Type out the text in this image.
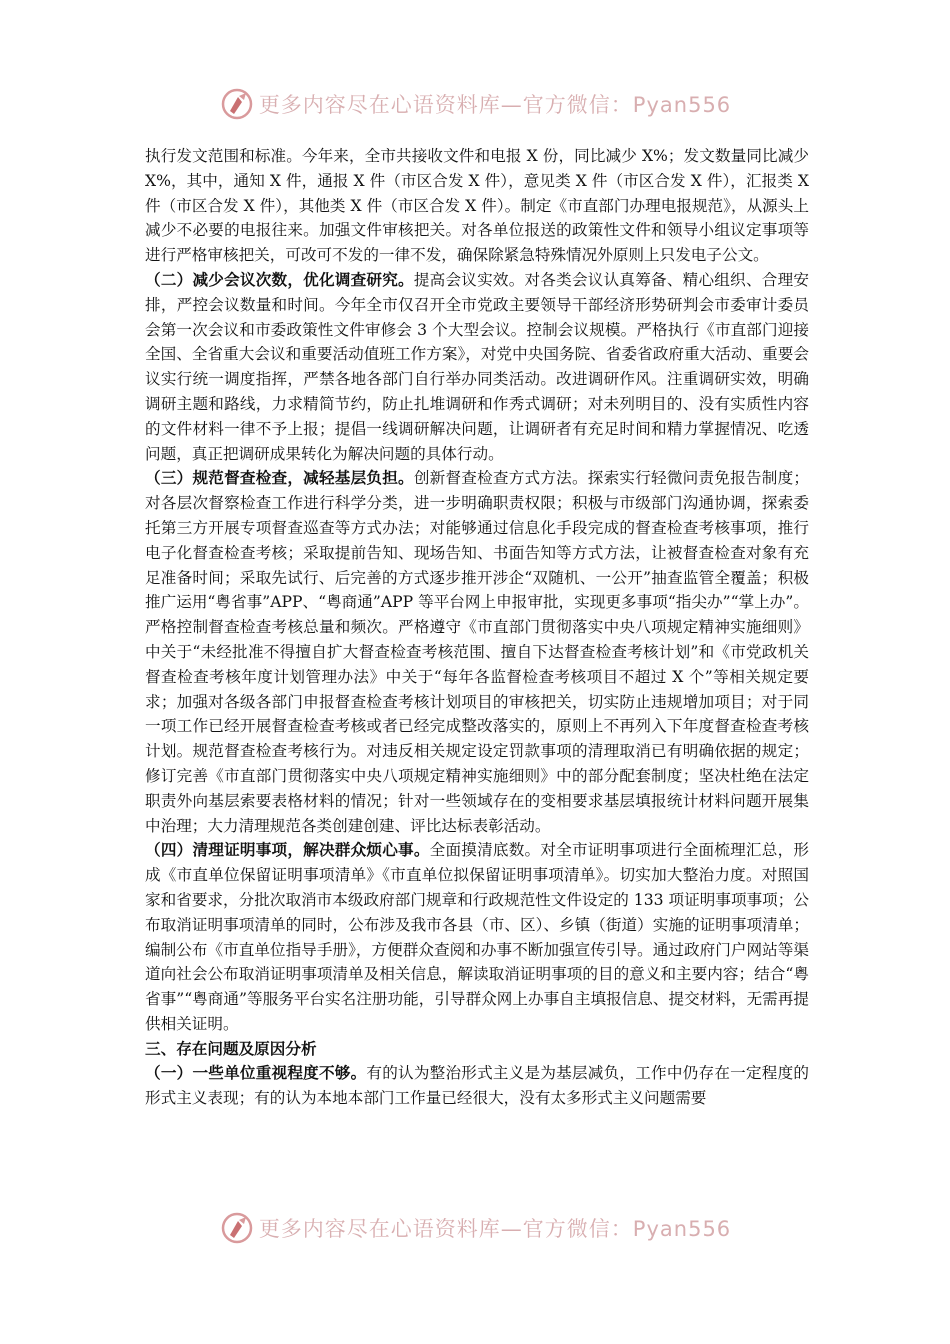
更多内容尽在心语资料库—官方微信：Pyan556

执行发文范围和标准。今年来，全市共接收文件和电报 X 份，同比减少 X%；发文数量同比减少 X%，其中，通知 X 件，通报 X 件（市区合发 X 件），意见类 X 件（市区合发 X 件），汇报类 X 件（市区合发 X 件），其他类 X 件（市区合发 X 件）。制定《市直部门办理电报规范》，从源头上减少不必要的电报往来。加强文件审核把关。对各单位报送的政策性文件和领导小组议定事项等进行严格审核把关，可改可不发的一律不发，确保除紧急特殊情况外原则上只发电子公文。

（二）减少会议次数，优化调查研究。提高会议实效。对各类会议认真筹备、精心组织、合理安排，严控会议数量和时间。今年全市仅召开全市党政主要领导干部经济形势研判会市委审计委员会第一次会议和市委政策性文件审修会 3 个大型会议。控制会议规模。严格执行《市直部门迎接全国、全省重大会议和重要活动值班工作方案》，对党中央国务院、省委省政府重大活动、重要会议实行统一调度指挥，严禁各地各部门自行举办同类活动。改进调研作风。注重调研实效，明确调研主题和路线，力求精简节约，防止扎堆调研和作秀式调研；对未列明目的、没有实质性内容的文件材料一律不予上报；提倡一线调研解决问题，让调研者有充足时间和精力掌握情况、吃透问题，真正把调研成果转化为解决问题的具体行动。

（三）规范督查检查，减轻基层负担。创新督查检查方式方法。探索实行轻微问责免报告制度；对各层次督察检查工作进行科学分类，进一步明确职责权限；积极与市级部门沟通协调，探索委托第三方开展专项督查巡查等方式办法；对能够通过信息化手段完成的督查检查考核事项，推行电子化督查检查考核；采取提前告知、现场告知、书面告知等方式方法，让被督查检查对象有充足准备时间；采取先试行、后完善的方式逐步推开涉企“双随机、一公开”抽查监管全覆盖；积极推广运用“粤省事”APP、“粤商通”APP 等平台网上申报审批，实现更多事项“指尖办”“掌上办”。严格控制督查检查考核总量和频次。严格遵守《市直部门贯彻落实中央八项规定精神实施细则》中关于“未经批准不得擅自扩大督查检查考核范围、擅自下达督查检查考核计划”和《市党政机关督查检查考核年度计划管理办法》中关于“每年各监督检查考核项目不超过 X 个”等相关规定要求；加强对各级各部门申报督查检查考核计划项目的审核把关，切实防止违规增加项目；对于同一项工作已经开展督查检查考核或者已经完成整改落实的，原则上不再列入下年度督查检查考核计划。规范督查检查考核行为。对违反相关规定设定罚款事项的清理取消已有明确依据的规定；修订完善《市直部门贯彻落实中央八项规定精神实施细则》中的部分配套制度；坚决杜绝在法定职责外向基层索要表格材料的情况；针对一些领域存在的变相要求基层填报统计材料问题开展集中治理；大力清理规范各类创建创建、评比达标表彰活动。

（四）清理证明事项，解决群众烦心事。全面摸清底数。对全市证明事项进行全面梳理汇总，形成《市直单位保留证明事项清单》《市直单位拟保留证明事项清单》。切实加大整治力度。对照国家和省要求，分批次取消市本级政府部门规章和行政规范性文件设定的 133 项证明事项事项；公布取消证明事项清单的同时，公布涉及我市各县（市、区）、乡镇（街道）实施的证明事项清单；编制公布《市直单位指导手册》，方便群众查阅和办事不断加强宣传引导。通过政府门户网站等渠道向社会公布取消证明事项清单及相关信息，解读取消证明事项的目的意义和主要内容；结合“粤省事”“粤商通”等服务平台实名注册功能，引导群众网上办事自主填报信息、提交材料，无需再提供相关证明。

三、存在问题及原因分析

（一）一些单位重视程度不够。有的认为整治形式主义是为基层减负，工作中仍存在一定程度的形式主义表现；有的认为本地本部门工作量已经很大，没有太多形式主义问题需要

更多内容尽在心语资料库—官方微信：Pyan556
